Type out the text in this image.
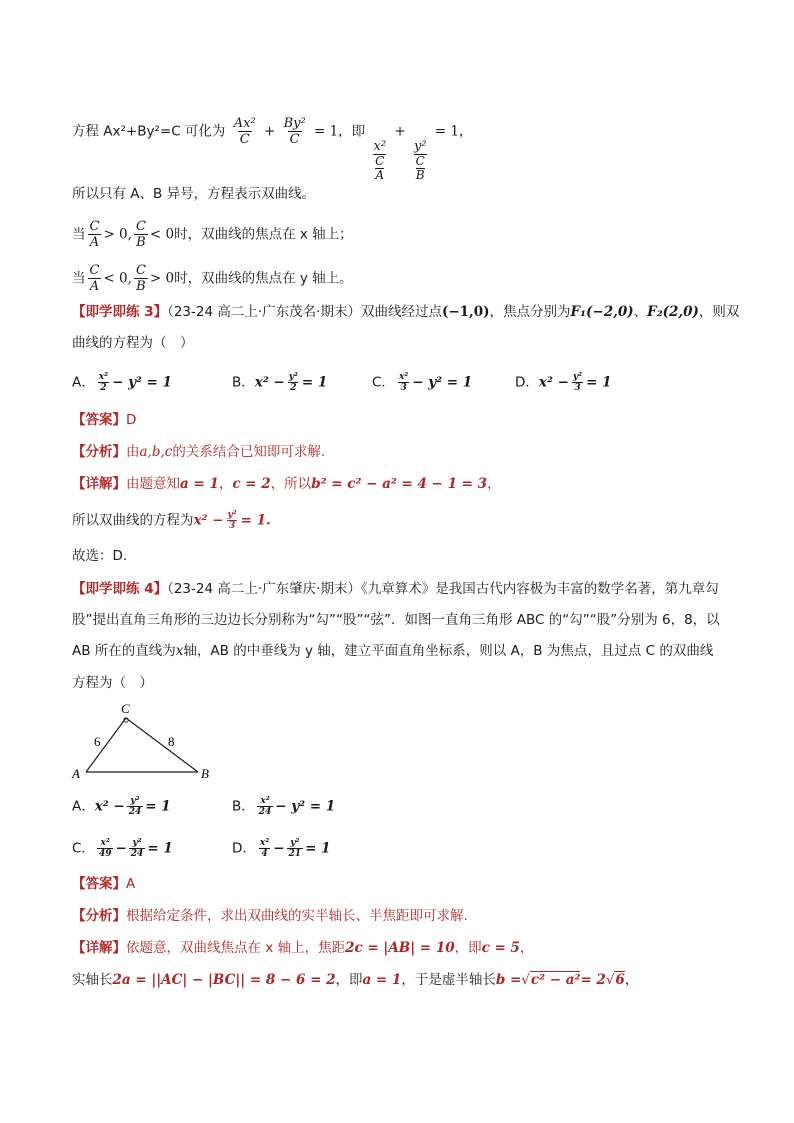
方程 Ax²+By²=C 可化为 $\frac{\text{Ax²}}{C} + \frac{\text{By²}}{C} = 1$，即
$\frac{\text{x²}}{\frac{C}{A}}$
+
$\frac{\text{y²}}{\frac{C}{B}}$
= 1，
所以只有 A、B 异号，方程表示双曲线。
当 $\frac{C}{A} > 0$, $\frac{C}{B} < 0$时，双曲线的焦点在 x 轴上；
当 $\frac{C}{A} < 0$, $\frac{C}{B} > 0$时，双曲线的焦点在 y 轴上。
【即学即练 3】（23-24 高二上·广东茂名·期末）双曲线经过点(−1,0)，焦点分别为F₁(−2,0)、F₂(2,0)，则双
曲线的方程为（　）
A． $\frac{\text{x²}}{2} - y^2 = 1$	B．$x^2 - \frac{\text{y²}}{2} = 1$	C． $\frac{\text{x²}}{3} - y^2 = 1$	D．$x^2 - \frac{\text{y²}}{3} = 1$
【答案】D
【分析】由a,b,c的关系结合已知即可求解.
【详解】由题意知a = 1，c = 2，所以b² = c² − a² = 4 − 1 = 3，
所以双曲线的方程为$x^2 - \frac{\text{y²}}{3} = 1$.
故选：D.
【即学即练 4】（23-24 高二上·广东肇庆·期末）《九章算术》是我国古代内容极为丰富的数学名著，第九章勾
股”提出直角三角形的三边边长分别称为“勾”“股”“弦”．如图一直角三角形 ABC 的“勾”“股”分别为 6，8，以
AB 所在的直线为x轴，AB 的中垂线为 y 轴，建立平面直角坐标系，则以 A，B 为焦点，且过点 C 的双曲线
方程为（　）
C
A	B
6	8
A．$x^2 - \frac{\text{y²}}{24} = 1$	B． $\frac{\text{x²}}{24} - y^2 = 1$
C． $\frac{\text{x²}}{49} - \frac{\text{y²}}{24} = 1$	D． $\frac{\text{x²}}{4} - \frac{\text{y²}}{21} = 1$
【答案】A
【分析】根据给定条件，求出双曲线的实半轴长、半焦距即可求解.
【详解】依题意，双曲线焦点在 x 轴上，焦距2c = |AB| = 10，即c = 5，
实轴长2a = ||AC| − |BC|| = 8 − 6 = 2，即a = 1，于是虚半轴长b =√c² − a²= 2√6，
